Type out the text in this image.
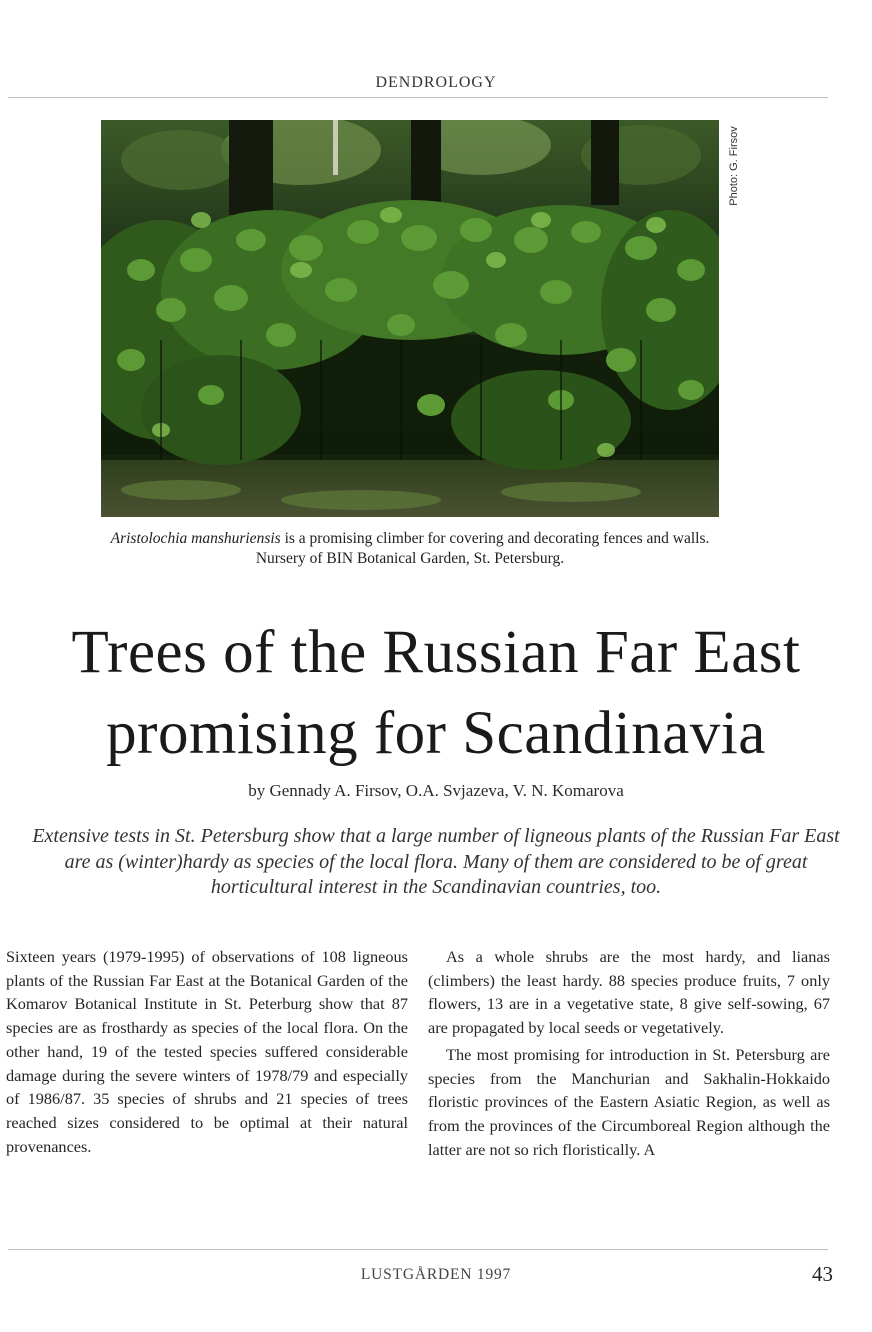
DENDROLOGY
Photo: G. Firsov
Aristolochia manshuriensis is a promising climber for covering and decorating fences and walls. Nursery of BIN Botanical Garden, St. Petersburg.
Trees of the Russian Far East
promising for Scandinavia
by Gennady A. Firsov, O.A. Svjazeva, V. N. Komarova
Extensive tests in St. Petersburg show that a large number of ligneous plants of the Russian Far East are as (winter)hardy as species of the local flora. Many of them are considered to be of great horticultural interest in the Scandinavian countries, too.

Sixteen years (1979-1995) of observations of 108 ligneous plants of the Russian Far East at the Botanical Garden of the Komarov Botanical Institute in St. Peterburg show that 87 species are as frosthardy as species of the local flora. On the other hand, 19 of the tested species suffered considerable damage during the severe winters of 1978/79 and especially of 1986/87. 35 species of shrubs and 21 species of trees reached sizes considered to be optimal at their natural provenances.

As a whole shrubs are the most hardy, and lianas (climbers) the least hardy. 88 species produce fruits, 7 only flowers, 13 are in a vegetative state, 8 give self-sowing, 67 are propagated by local seeds or vegetatively.

The most promising for introduction in St. Petersburg are species from the Manchurian and Sakhalin-Hokkaido floristic provinces of the Eastern Asiatic Region, as well as from the provinces of the Circumboreal Region although the latter are not so rich floristically. A

LUSTGÅRDEN 1997	43
